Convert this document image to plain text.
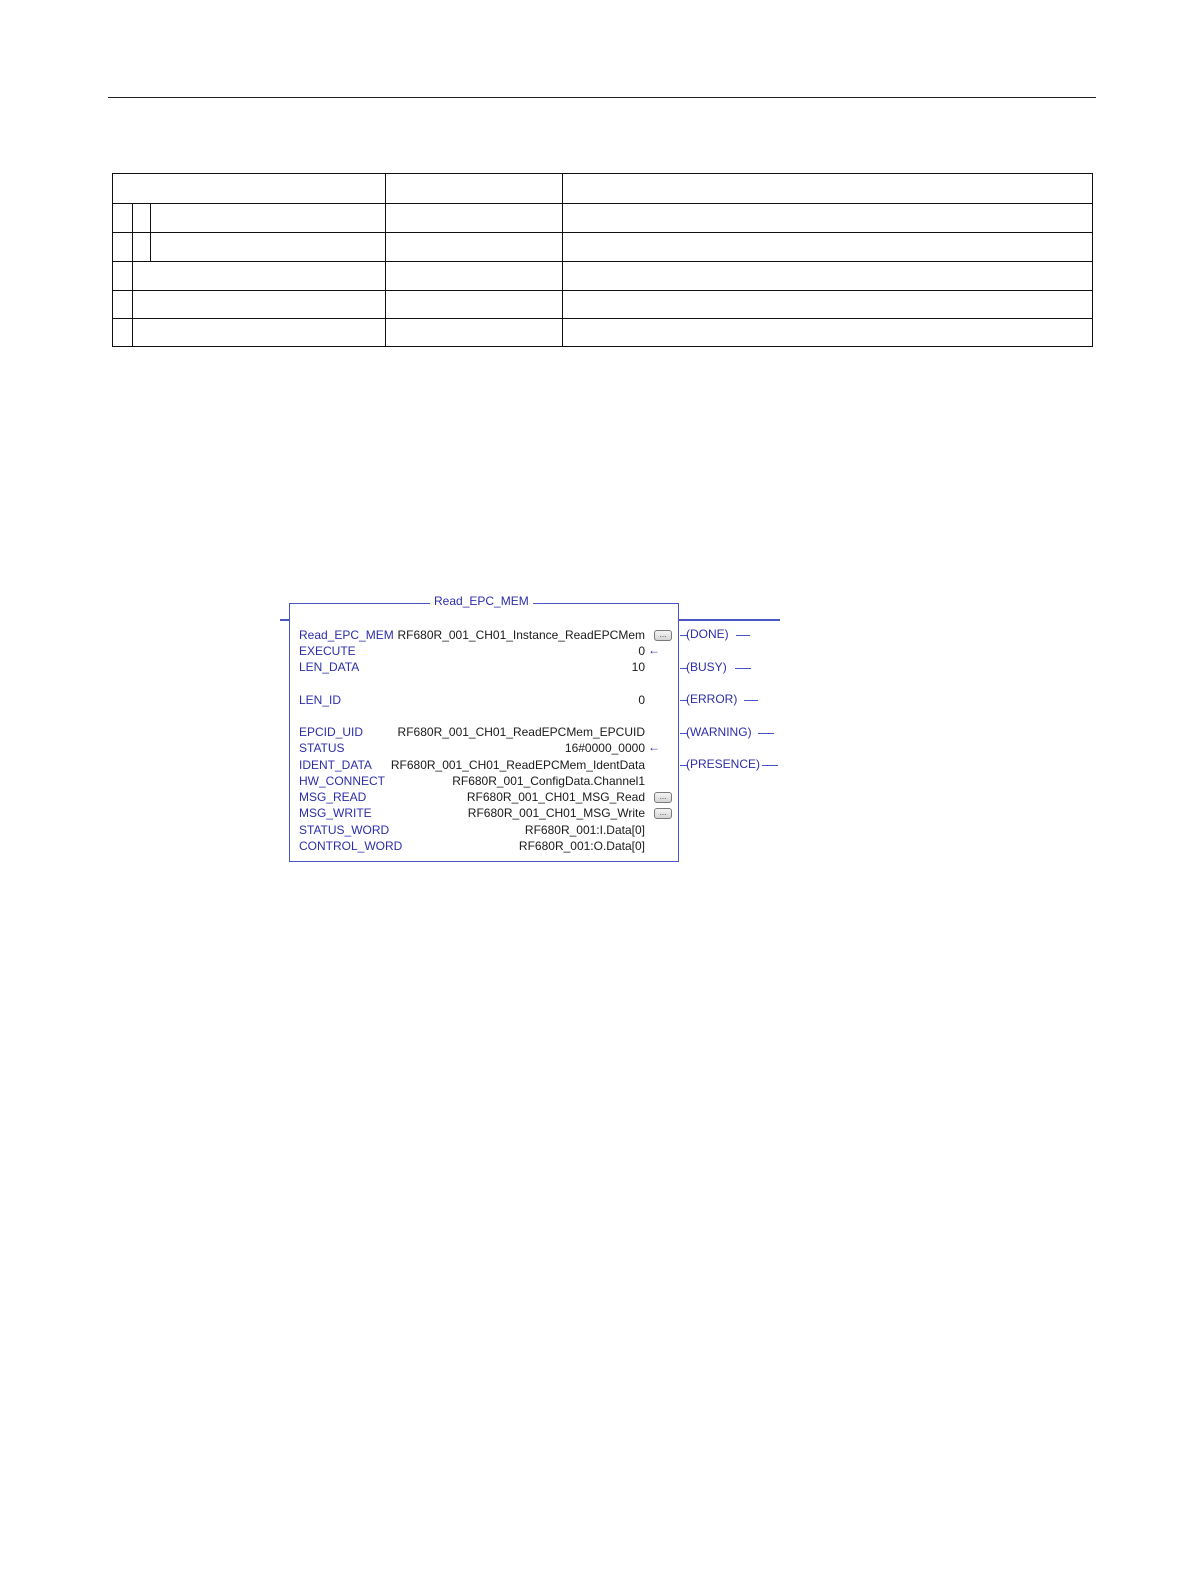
Read_EPC_MEM
Read_EPC_MEM RF680R_001_CH01_Instance_ReadEPCMem	...
EXECUTE	0 ←
LEN_DATA	10
LEN_ID	0
EPCID_UID	RF680R_001_CH01_ReadEPCMem_EPCUID
STATUS	16#0000_0000 ←
IDENT_DATA RF680R_001_CH01_ReadEPCMem_IdentData
HW_CONNECT	RF680R_001_ConfigData.Channel1
MSG_READ	RF680R_001_CH01_MSG_Read	...
MSG_WRITE	RF680R_001_CH01_MSG_Write	...
STATUS_WORD	RF680R_001:I.Data[0]
CONTROL_WORD	RF680R_001:O.Data[0]
(DONE)
(BUSY)
(ERROR)
(WARNING)
(PRESENCE)
